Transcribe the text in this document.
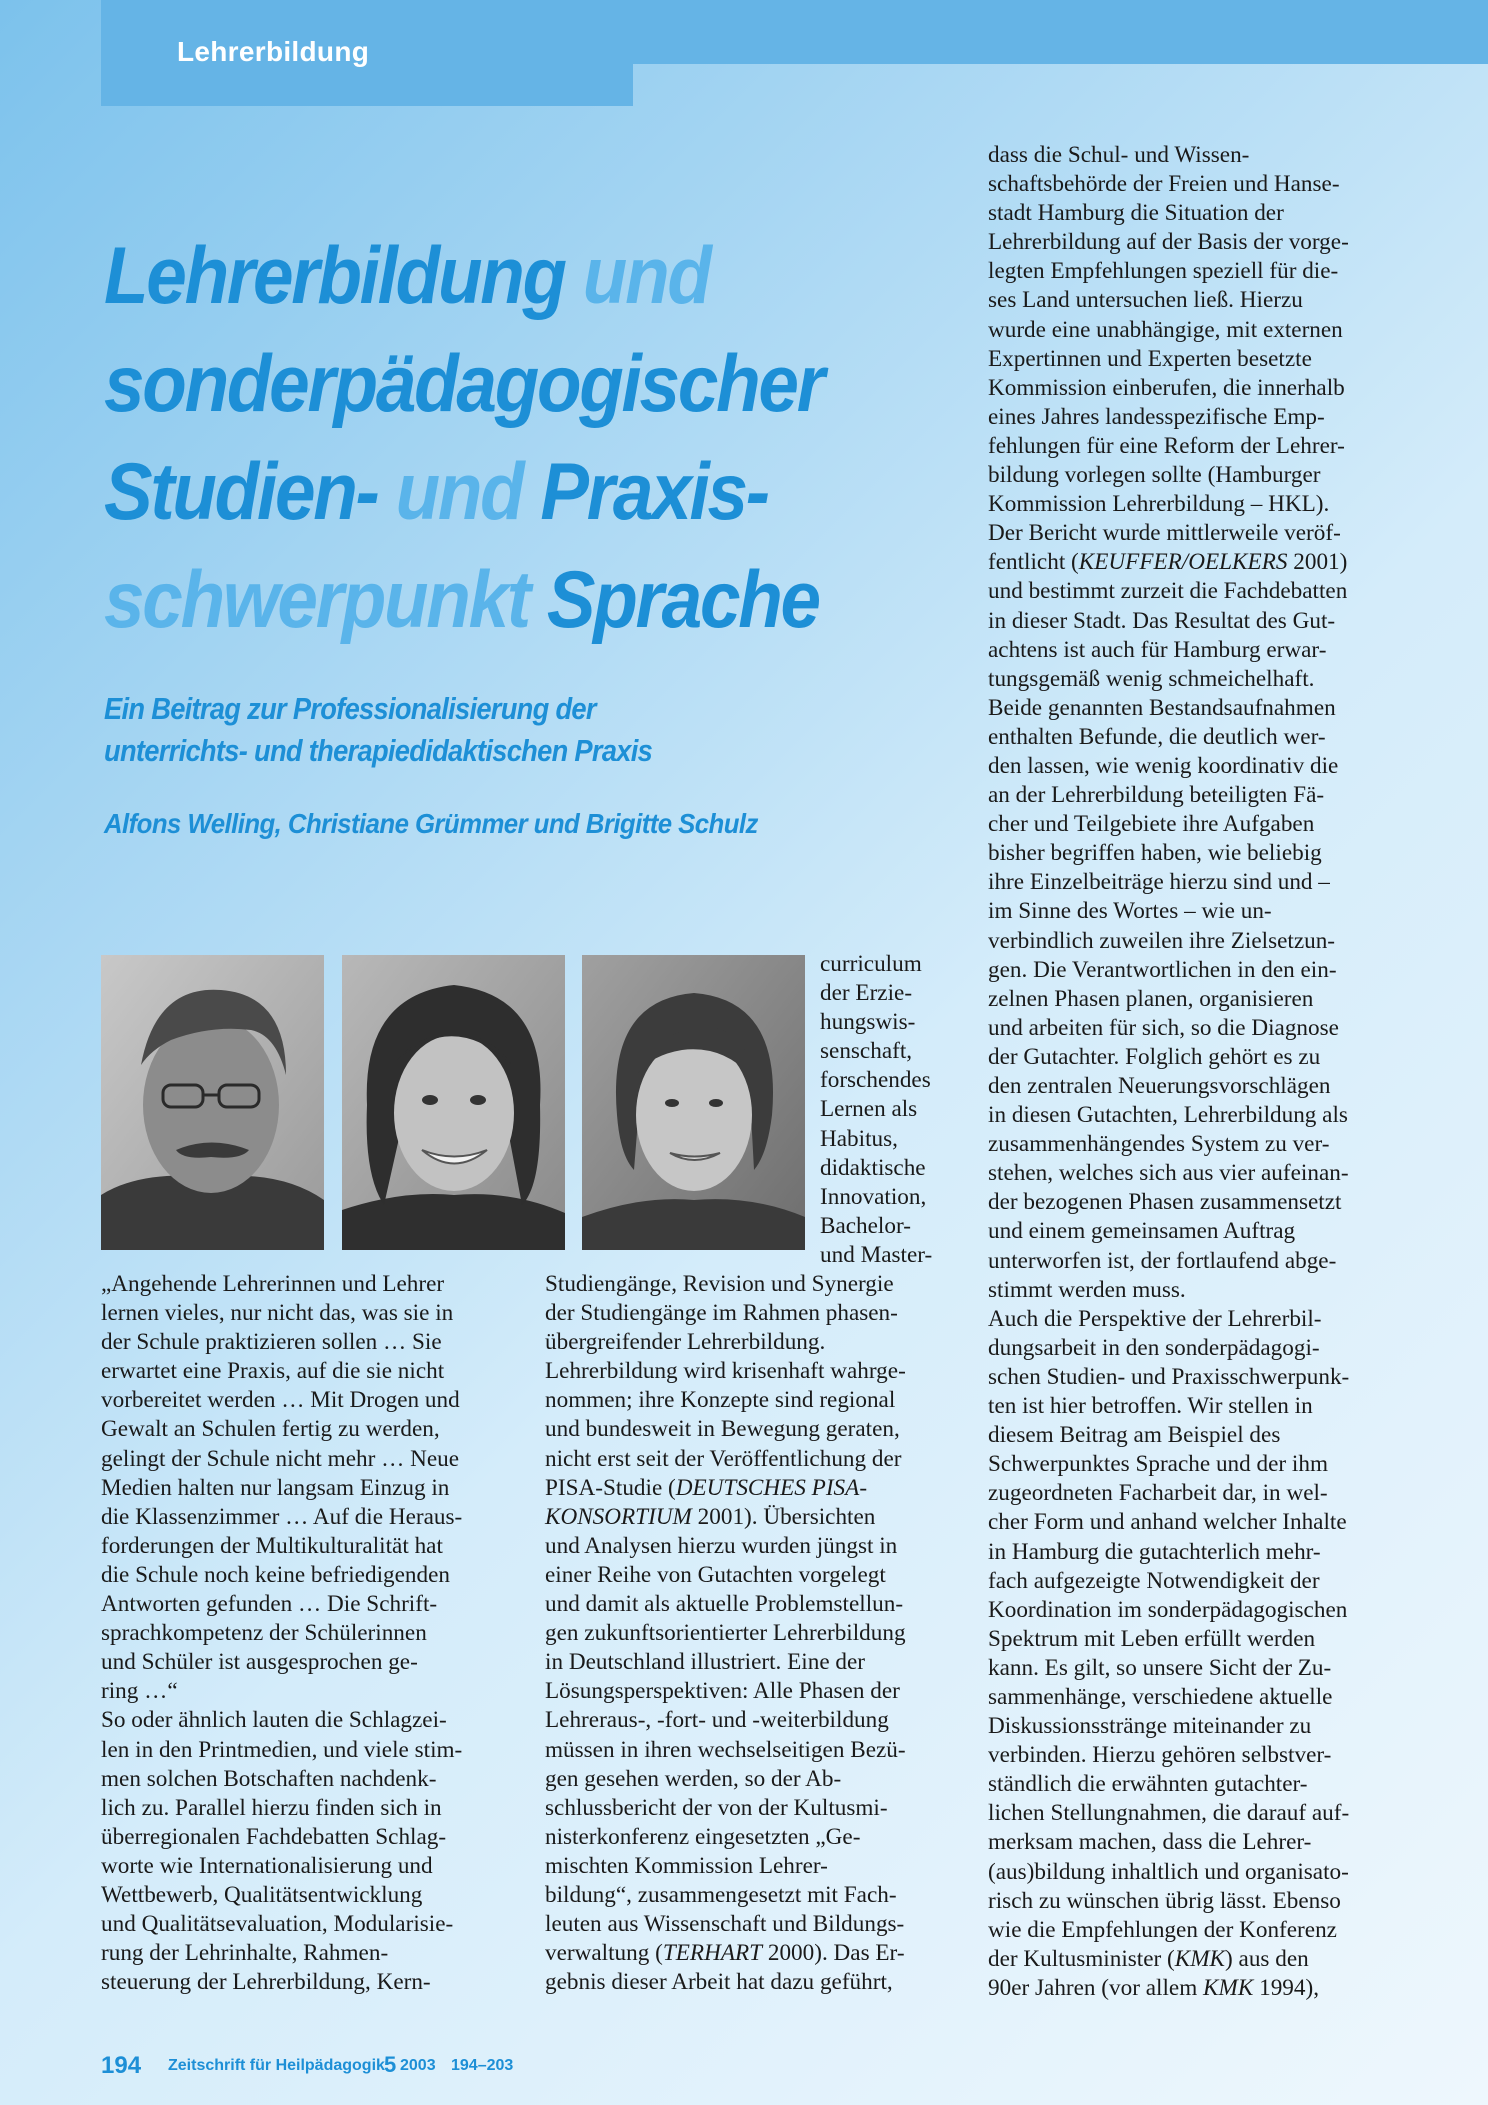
Lehrerbildung
Lehrerbildung und
sonderpädagogischer
Studien- und Praxis-
schwerpunkt Sprache
Ein Beitrag zur Professionalisierung der
unterrichts- und therapiedidaktischen Praxis
Alfons Welling, Christiane Grümmer und Brigitte Schulz
curriculum
der Erzie-
hungswis-
senschaft,
forschendes
Lernen als
Habitus,
didaktische
Innovation,
Bachelor-
und Master-
„Angehende Lehrerinnen und Lehrer
lernen vieles, nur nicht das, was sie in
der Schule praktizieren sollen … Sie
erwartet eine Praxis, auf die sie nicht
vorbereitet werden … Mit Drogen und
Gewalt an Schulen fertig zu werden,
gelingt der Schule nicht mehr … Neue
Medien halten nur langsam Einzug in
die Klassenzimmer … Auf die Heraus-
forderungen der Multikulturalität hat
die Schule noch keine befriedigenden
Antworten gefunden … Die Schrift-
sprachkompetenz der Schülerinnen
und Schüler ist ausgesprochen ge-
ring …“
So oder ähnlich lauten die Schlagzei-
len in den Printmedien, und viele stim-
men solchen Botschaften nachdenk-
lich zu. Parallel hierzu finden sich in
überregionalen Fachdebatten Schlag-
worte wie Internationalisierung und
Wettbewerb, Qualitätsentwicklung
und Qualitätsevaluation, Modularisie-
rung der Lehrinhalte, Rahmen-
steuerung der Lehrerbildung, Kern-
Studiengänge, Revision und Synergie
der Studiengänge im Rahmen phasen-
übergreifender Lehrerbildung.
Lehrerbildung wird krisenhaft wahrge-
nommen; ihre Konzepte sind regional
und bundesweit in Bewegung geraten,
nicht erst seit der Veröffentlichung der
PISA-Studie (DEUTSCHES PISA-
KONSORTIUM 2001). Übersichten
und Analysen hierzu wurden jüngst in
einer Reihe von Gutachten vorgelegt
und damit als aktuelle Problemstellun-
gen zukunftsorientierter Lehrerbildung
in Deutschland illustriert. Eine der
Lösungsperspektiven: Alle Phasen der
Lehreraus-, -fort- und -weiterbildung
müssen in ihren wechselseitigen Bezü-
gen gesehen werden, so der Ab-
schlussbericht der von der Kultusmi-
nisterkonferenz eingesetzten „Ge-
mischten Kommission Lehrer-
bildung“, zusammengesetzt mit Fach-
leuten aus Wissenschaft und Bildungs-
verwaltung (TERHART 2000). Das Er-
gebnis dieser Arbeit hat dazu geführt,
dass die Schul- und Wissen-
schaftsbehörde der Freien und Hanse-
stadt Hamburg die Situation der
Lehrerbildung auf der Basis der vorge-
legten Empfehlungen speziell für die-
ses Land untersuchen ließ. Hierzu
wurde eine unabhängige, mit externen
Expertinnen und Experten besetzte
Kommission einberufen, die innerhalb
eines Jahres landesspezifische Emp-
fehlungen für eine Reform der Lehrer-
bildung vorlegen sollte (Hamburger
Kommission Lehrerbildung – HKL).
Der Bericht wurde mittlerweile veröf-
fentlicht (KEUFFER/OELKERS 2001)
und bestimmt zurzeit die Fachdebatten
in dieser Stadt. Das Resultat des Gut-
achtens ist auch für Hamburg erwar-
tungsgemäß wenig schmeichelhaft.
Beide genannten Bestandsaufnahmen
enthalten Befunde, die deutlich wer-
den lassen, wie wenig koordinativ die
an der Lehrerbildung beteiligten Fä-
cher und Teilgebiete ihre Aufgaben
bisher begriffen haben, wie beliebig
ihre Einzelbeiträge hierzu sind und –
im Sinne des Wortes – wie un-
verbindlich zuweilen ihre Zielsetzun-
gen. Die Verantwortlichen in den ein-
zelnen Phasen planen, organisieren
und arbeiten für sich, so die Diagnose
der Gutachter. Folglich gehört es zu
den zentralen Neuerungsvorschlägen
in diesen Gutachten, Lehrerbildung als
zusammenhängendes System zu ver-
stehen, welches sich aus vier aufeinan-
der bezogenen Phasen zusammensetzt
und einem gemeinsamen Auftrag
unterworfen ist, der fortlaufend abge-
stimmt werden muss.
Auch die Perspektive der Lehrerbil-
dungsarbeit in den sonderpädagogi-
schen Studien- und Praxisschwerpunk-
ten ist hier betroffen. Wir stellen in
diesem Beitrag am Beispiel des
Schwerpunktes Sprache und der ihm
zugeordneten Facharbeit dar, in wel-
cher Form und anhand welcher Inhalte
in Hamburg die gutachterlich mehr-
fach aufgezeigte Notwendigkeit der
Koordination im sonderpädagogischen
Spektrum mit Leben erfüllt werden
kann. Es gilt, so unsere Sicht der Zu-
sammenhänge, verschiedene aktuelle
Diskussionsstränge miteinander zu
verbinden. Hierzu gehören selbstver-
ständlich die erwähnten gutachter-
lichen Stellungnahmen, die darauf auf-
merksam machen, dass die Lehrer-
(aus)bildung inhaltlich und organisato-
risch zu wünschen übrig lässt. Ebenso
wie die Empfehlungen der Konferenz
der Kultusminister (KMK) aus den
90er Jahren (vor allem KMK 1994),
194 Zeitschrift für Heilpädagogik 5 2003 194–203
